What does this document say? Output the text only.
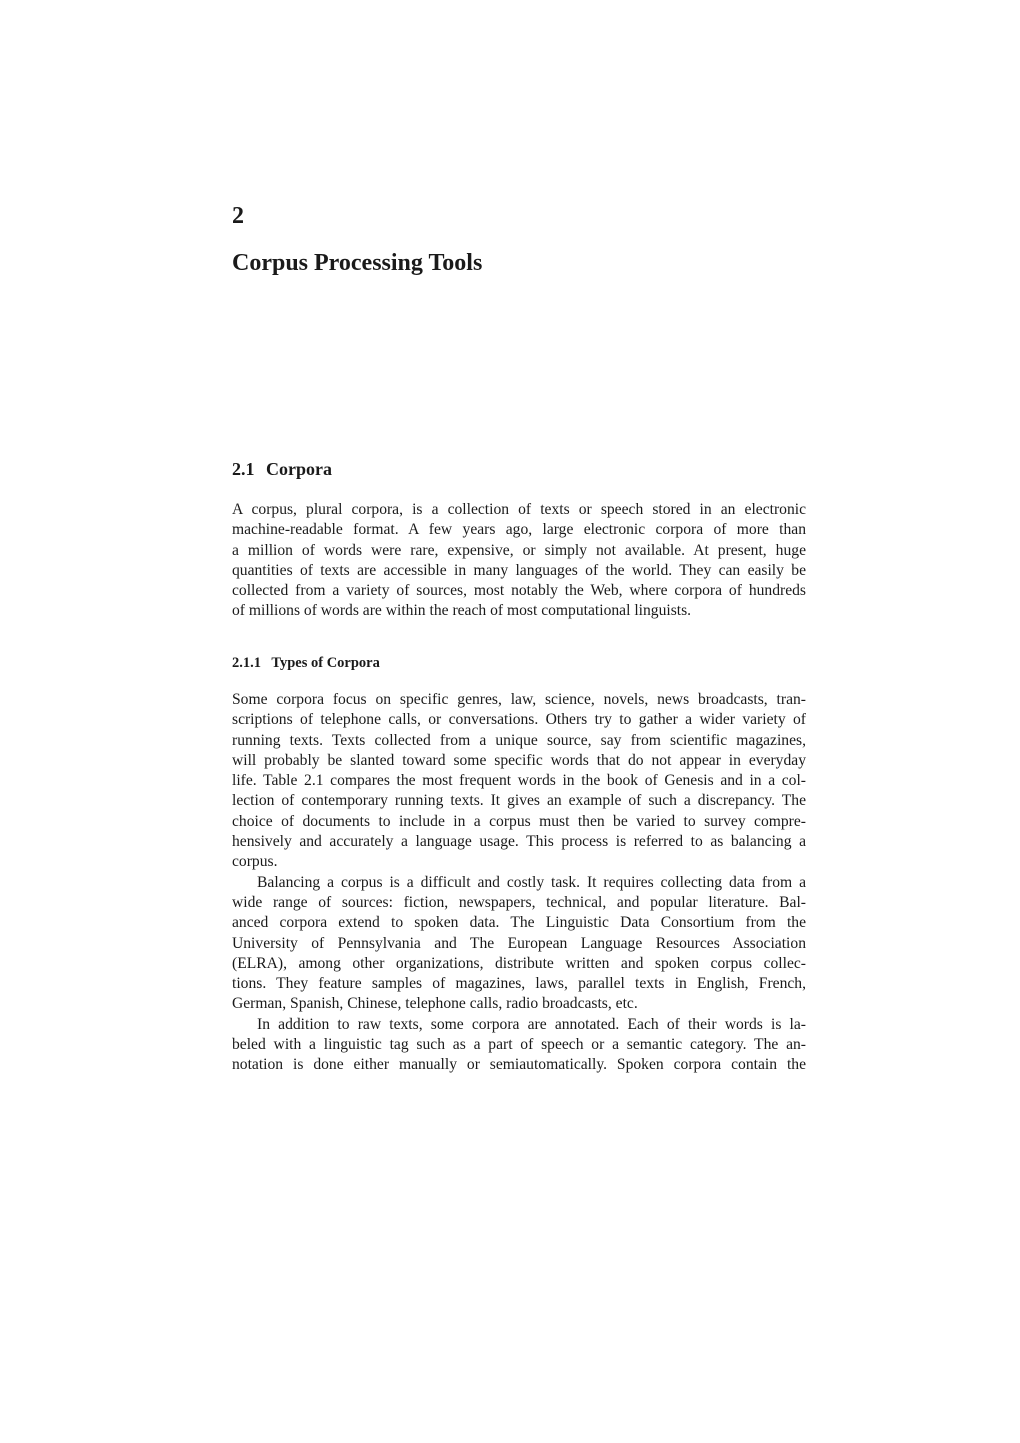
2
Corpus Processing Tools
2.1 Corpora

A corpus, plural corpora, is a collection of texts or speech stored in an electronic
machine-readable format. A few years ago, large electronic corpora of more than
a million of words were rare, expensive, or simply not available. At present, huge
quantities of texts are accessible in many languages of the world. They can easily be
collected from a variety of sources, most notably the Web, where corpora of hundreds
of millions of words are within the reach of most computational linguists.

2.1.1 Types of Corpora

Some corpora focus on specific genres, law, science, novels, news broadcasts, tran-
scriptions of telephone calls, or conversations. Others try to gather a wider variety of
running texts. Texts collected from a unique source, say from scientific magazines,
will probably be slanted toward some specific words that do not appear in everyday
life. Table 2.1 compares the most frequent words in the book of Genesis and in a col-
lection of contemporary running texts. It gives an example of such a discrepancy. The
choice of documents to include in a corpus must then be varied to survey compre-
hensively and accurately a language usage. This process is referred to as balancing a
corpus.

Balancing a corpus is a difficult and costly task. It requires collecting data from a
wide range of sources: fiction, newspapers, technical, and popular literature. Bal-
anced corpora extend to spoken data. The Linguistic Data Consortium from the
University of Pennsylvania and The European Language Resources Association
(ELRA), among other organizations, distribute written and spoken corpus collec-
tions. They feature samples of magazines, laws, parallel texts in English, French,
German, Spanish, Chinese, telephone calls, radio broadcasts, etc.

In addition to raw texts, some corpora are annotated. Each of their words is la-
beled with a linguistic tag such as a part of speech or a semantic category. The an-
notation is done either manually or semiautomatically. Spoken corpora contain the
